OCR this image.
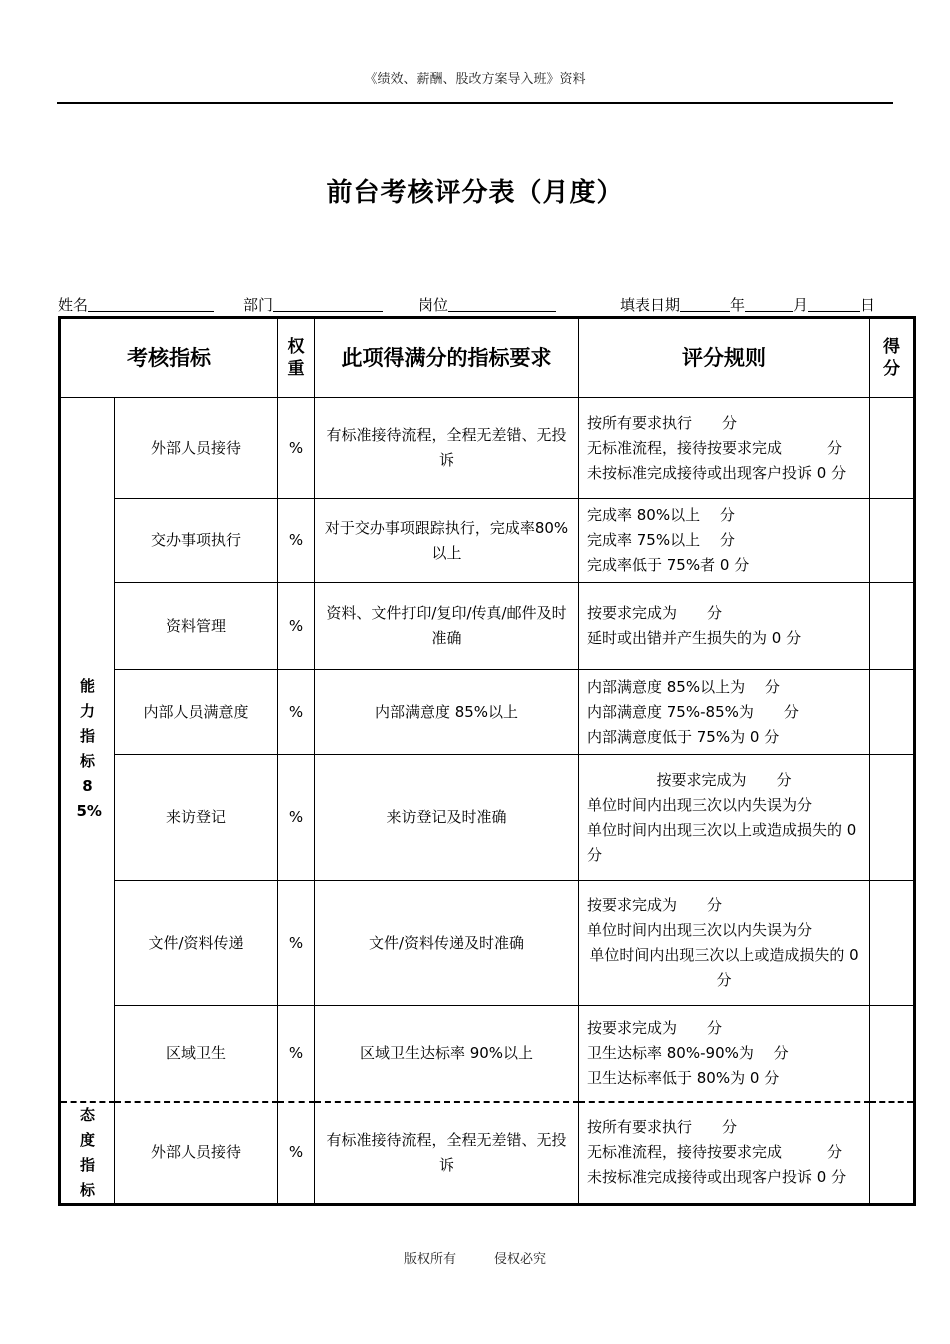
《绩效、薪酬、股改方案导入班》资料
前台考核评分表（月度）
姓名	部门	岗位	填表日期	年	月	日
考核指标		权重	此项得满分的指标要求	评分规则	得分
能力指标85%	外部人员接待	%	有标准接待流程，全程无差错、无投诉	按所有要求执行　　分
无标准流程，接待按要求完成　　　分
未按标准完成接待或出现客户投诉 0 分	

	交办事项执行	%	对于交办事项跟踪执行，完成率80%以上	完成率 80%以上　 分
完成率 75%以上　 分
完成率低于 75%者 0 分	

	资料管理	%	资料、文件打印/复印/传真/邮件及时准确	按要求完成为　　分
延时或出错并产生损失的为 0 分	

	内部人员满意度	%	内部满意度 85%以上	内部满意度 85%以上为　 分
内部满意度 75%-85%为　　分
内部满意度低于 75%为 0 分	

	来访登记	%	来访登记及时准确	按要求完成为　　分
单位时间内出现三次以内失误为分
单位时间内出现三次以上或造成损失的 0 分	

	文件/资料传递	%	文件/资料传递及时准确	按要求完成为　　分
单位时间内出现三次以内失误为分
单位时间内出现三次以上或造成损失的 0 分	

	区域卫生	%	区域卫生达标率 90%以上	按要求完成为　　分
卫生达标率 80%-90%为　 分
卫生达标率低于 80%为 0 分	

态度指标	外部人员接待	%	有标准接待流程，全程无差错、无投诉	按所有要求执行　　分
无标准流程，接待按要求完成　　　分
未按标准完成接待或出现客户投诉 0 分	

版权所有	侵权必究
